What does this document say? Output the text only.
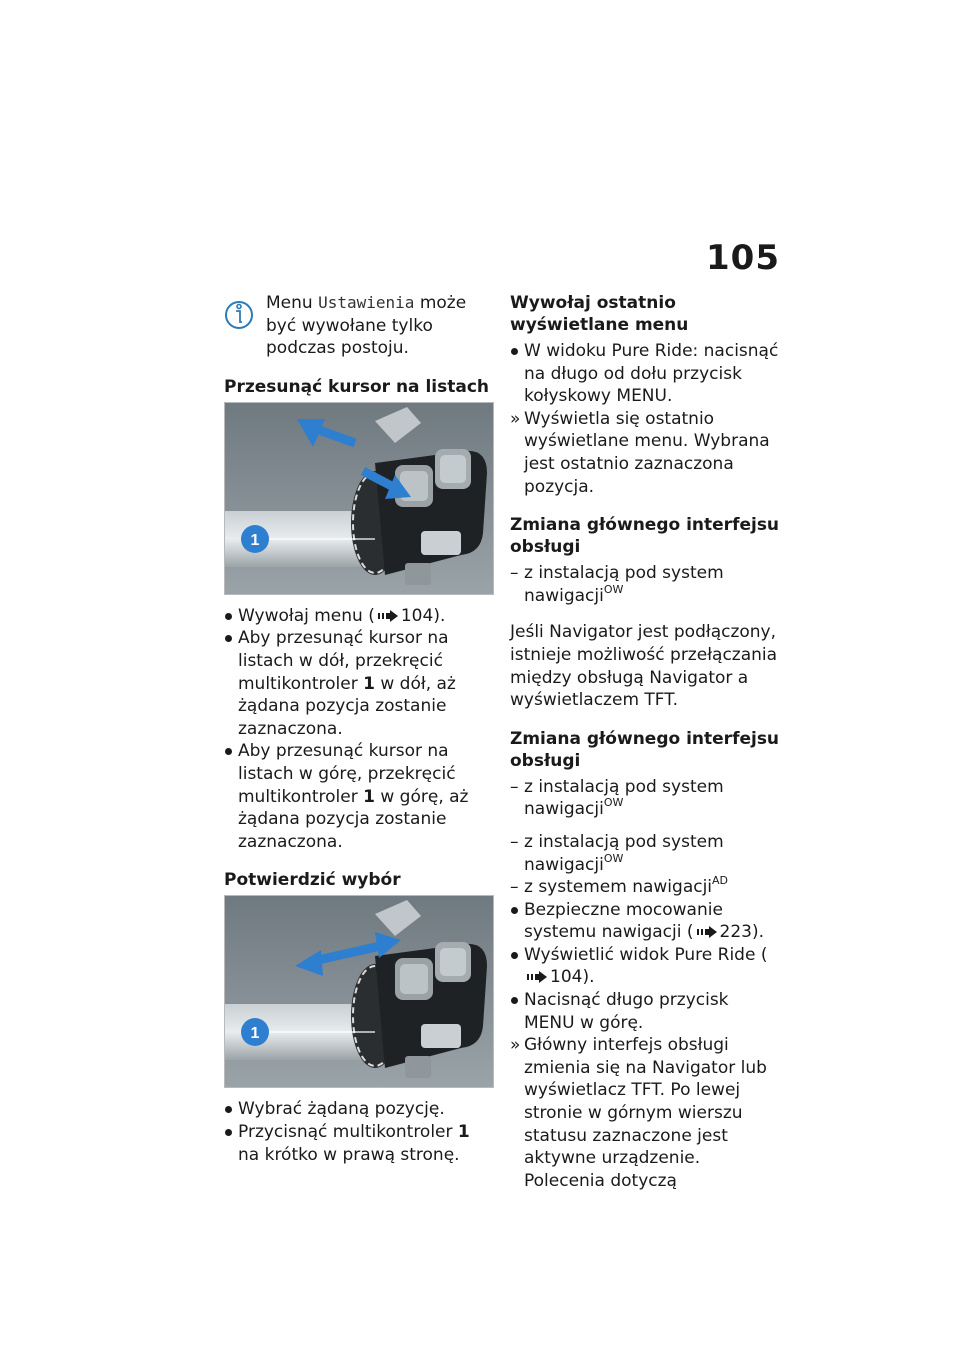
105

Menu Ustawienia może być wywołane tylko podczas postoju.

Przesunąć kursor na listach
1
Wywołaj menu ( 104).
Aby przesunąć kursor na listach w dół, przekręcić multikontroler 1 w dół, aż żądana pozycja zostanie zaznaczona.
Aby przesunąć kursor na listach w górę, przekręcić multikontroler 1 w górę, aż żądana pozycja zostanie zaznaczona.
Potwierdzić wybór
1
Wybrać żądaną pozycję.
Przycisnąć multikontroler 1 na krótko w prawą stronę.
Wywołaj ostatnio wyświetlane menu
W widoku Pure Ride: nacisnąć na długo od dołu przycisk kołyskowy MENU.
» Wyświetla się ostatnio wyświetlane menu. Wybrana jest ostatnio zaznaczona pozycja.
Zmiana głównego interfejsu obsługi
– z instalacją pod system nawigacji$^{OW}$

Jeśli Navigator jest podłączony, istnieje możliwość przełączania między obsługą Navigator a wyświetlaczem TFT.

Zmiana głównego interfejsu obsługi
– z instalacją pod system nawigacji$^{OW}$
– z instalacją pod system nawigacji$^{OW}$
– z systemem nawigacji$^{AD}$
Bezpieczne mocowanie systemu nawigacji ( 223).
Wyświetlić widok Pure Ride (104).
Nacisnąć długo przycisk MENU w górę.
» Główny interfejs obsługi zmienia się na Navigator lub wyświetlacz TFT. Po lewej stronie w górnym wierszu statusu zaznaczone jest aktywne urządzenie. Polecenia dotyczą
